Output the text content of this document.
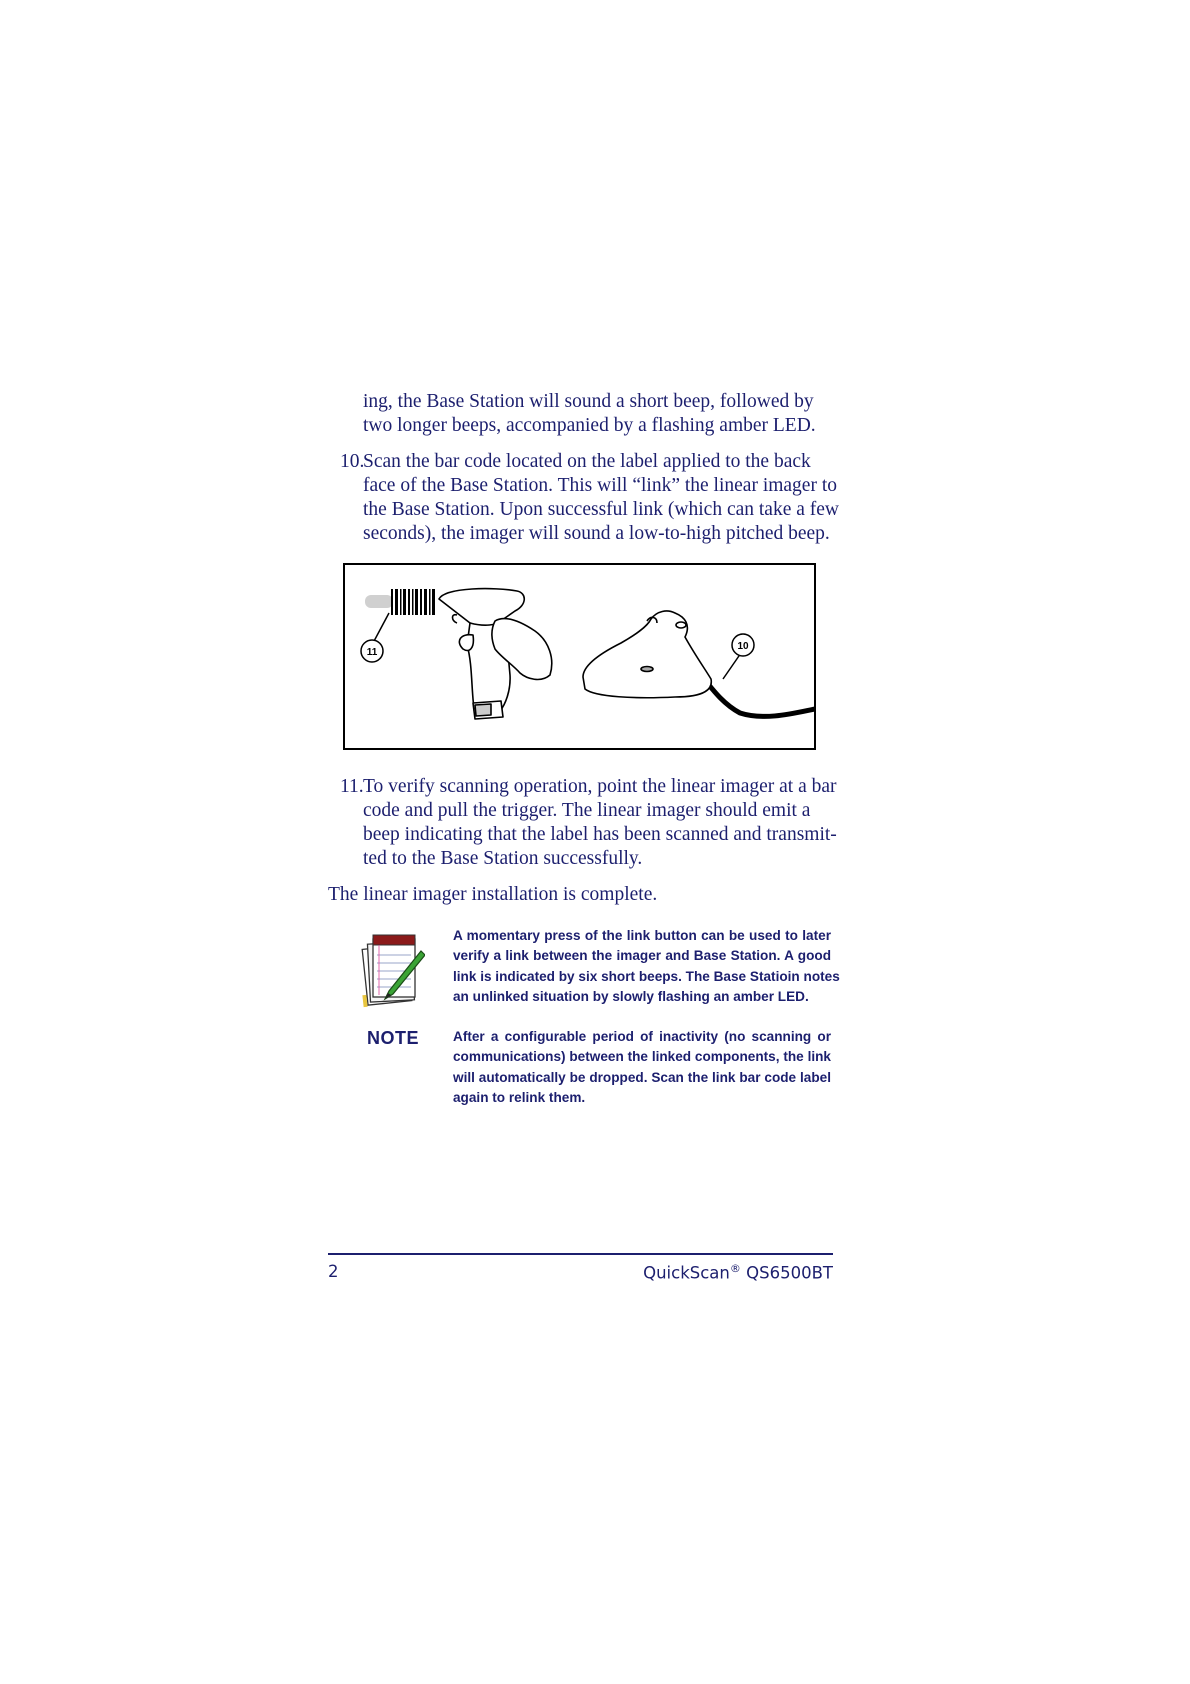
ing, the Base Station will sound a short beep, followed by
two longer beeps, accompanied by a flashing amber LED.

10.Scan the bar code located on the label applied to the back
face of the Base Station. This will “link” the linear imager to
the Base Station. Upon successful link (which can take a few
seconds), the imager will sound a low-to-high pitched beep.

11
10

11.To verify scanning operation, point the linear imager at a bar
code and pull the trigger. The linear imager should emit a
beep indicating that the label has been scanned and transmit-
ted to the Base Station successfully.

The linear imager installation is complete.

NOTE
A momentary press of the link button can be used to later
verify a link between the imager and Base Station. A good
link is indicated by six short beeps. The Base Statioin notes
an unlinked situation by slowly flashing an amber LED.
After a configurable period of inactivity (no scanning or
communications) between the linked components, the link
will automatically be dropped. Scan the link bar code label
again to relink them.
2	QuickScan® QS6500BT
